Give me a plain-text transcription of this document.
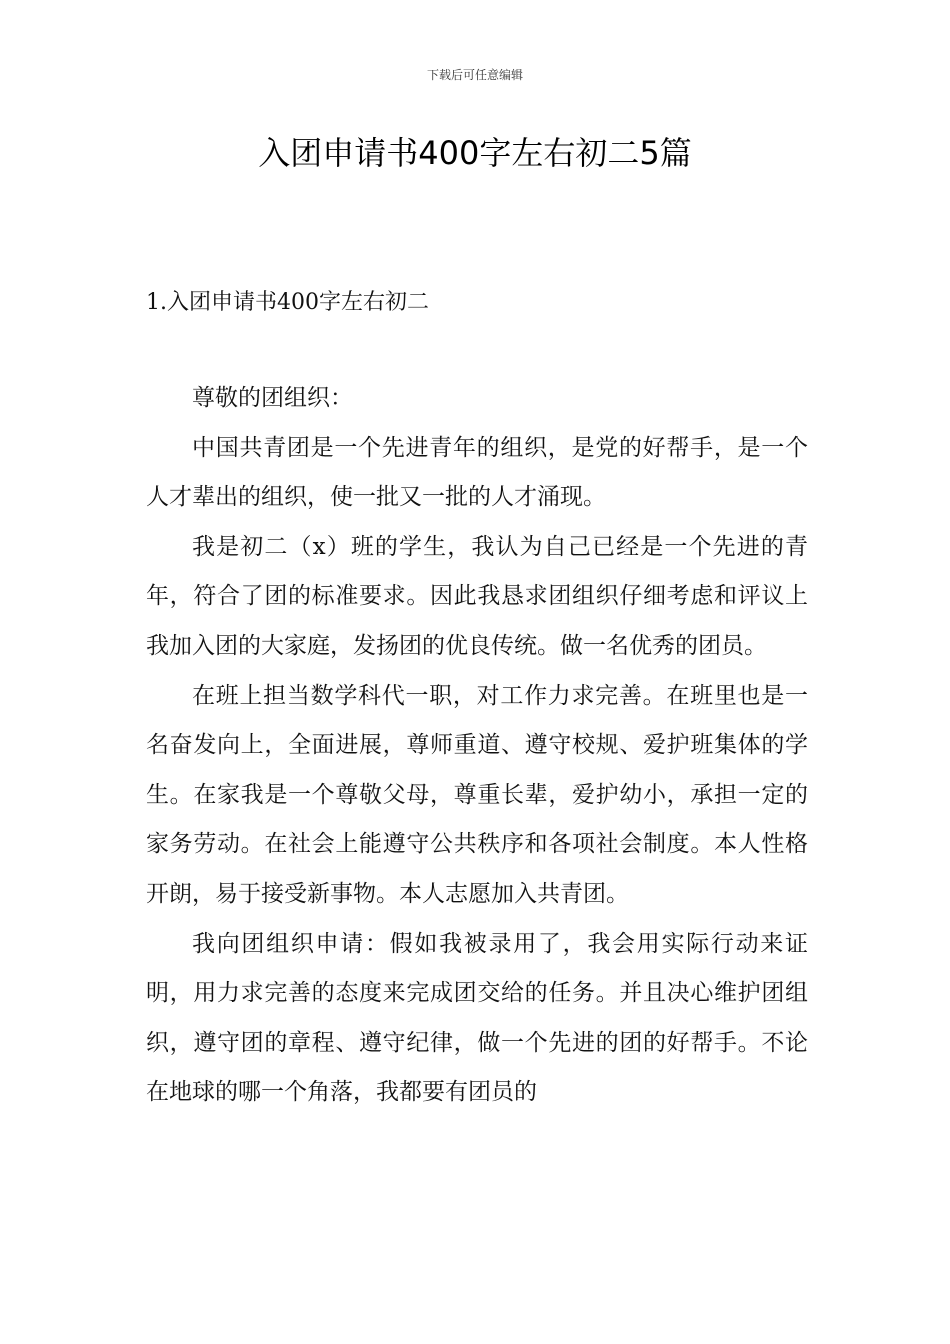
下载后可任意编辑
入团申请书400字左右初二5篇
1.入团申请书400字左右初二

尊敬的团组织：

中国共青团是一个先进青年的组织，是党的好帮手，是一个人才辈出的组织，使一批又一批的人才涌现。

我是初二（x）班的学生，我认为自己已经是一个先进的青年，符合了团的标准要求。因此我恳求团组织仔细考虑和评议上我加入团的大家庭，发扬团的优良传统。做一名优秀的团员。

在班上担当数学科代一职，对工作力求完善。在班里也是一名奋发向上，全面进展，尊师重道、遵守校规、爱护班集体的学生。在家我是一个尊敬父母，尊重长辈，爱护幼小，承担一定的家务劳动。在社会上能遵守公共秩序和各项社会制度。本人性格开朗，易于接受新事物。本人志愿加入共青团。

我向团组织申请：假如我被录用了，我会用实际行动来证明，用力求完善的态度来完成团交给的任务。并且决心维护团组织，遵守团的章程、遵守纪律，做一个先进的团的好帮手。不论在地球的哪一个角落，我都要有团员的
